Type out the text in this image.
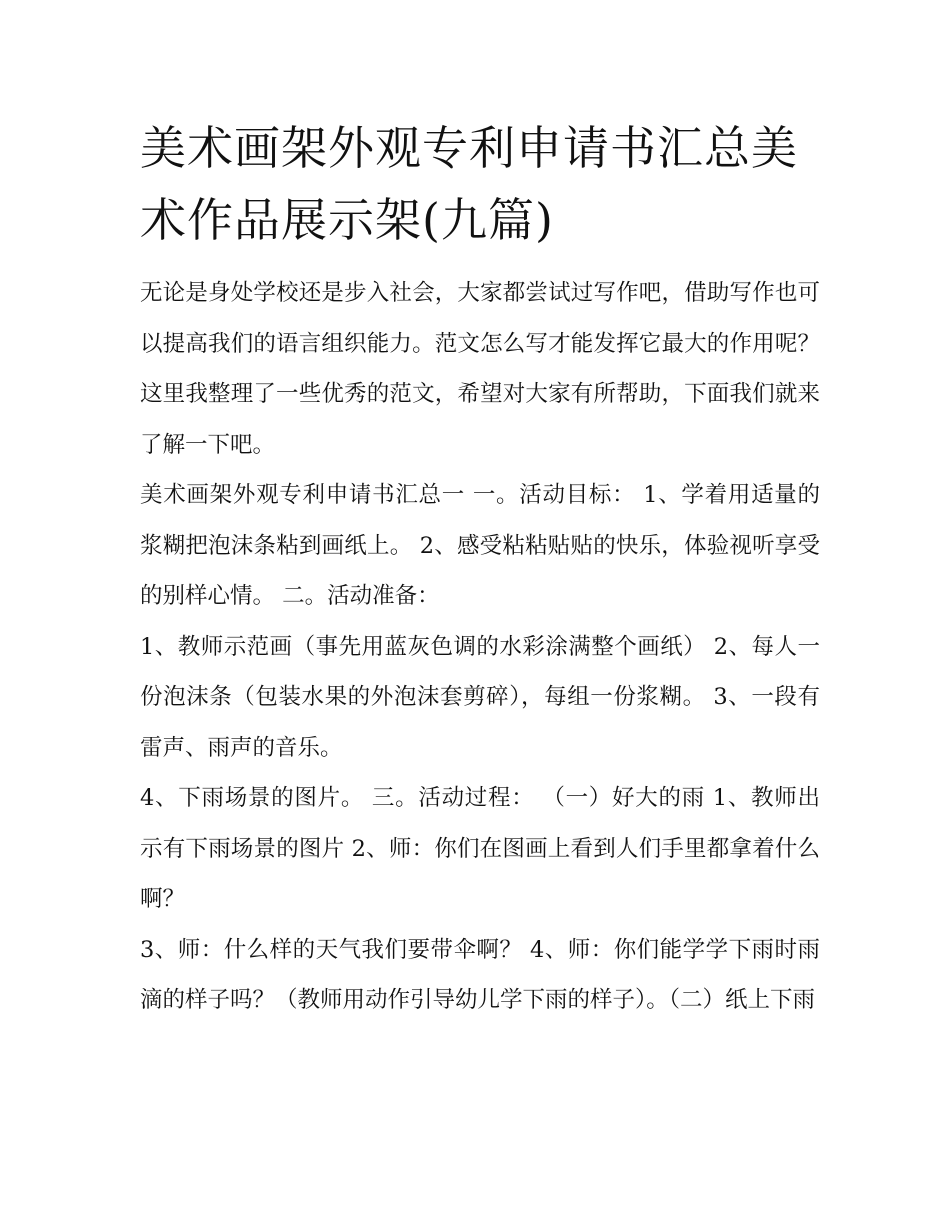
美术画架外观专利申请书汇总美术作品展示架(九篇)

无论是身处学校还是步入社会，大家都尝试过写作吧，借助写作也可以提高我们的语言组织能力。范文怎么写才能发挥它最大的作用呢？这里我整理了一些优秀的范文，希望对大家有所帮助，下面我们就来了解一下吧。

美术画架外观专利申请书汇总一 一。活动目标： 1、学着用适量的浆糊把泡沫条粘到画纸上。 2、感受粘粘贴贴的快乐，体验视听享受的别样心情。 二。活动准备：

1、教师示范画（事先用蓝灰色调的水彩涂满整个画纸） 2、每人一份泡沫条（包装水果的外泡沫套剪碎），每组一份浆糊。 3、一段有雷声、雨声的音乐。

4、下雨场景的图片。 三。活动过程： （一）好大的雨 1、教师出示有下雨场景的图片 2、师：你们在图画上看到人们手里都拿着什么啊？

3、师：什么样的天气我们要带伞啊？ 4、师：你们能学学下雨时雨滴的样子吗？（教师用动作引导幼儿学下雨的样子）。（二）纸上下雨
